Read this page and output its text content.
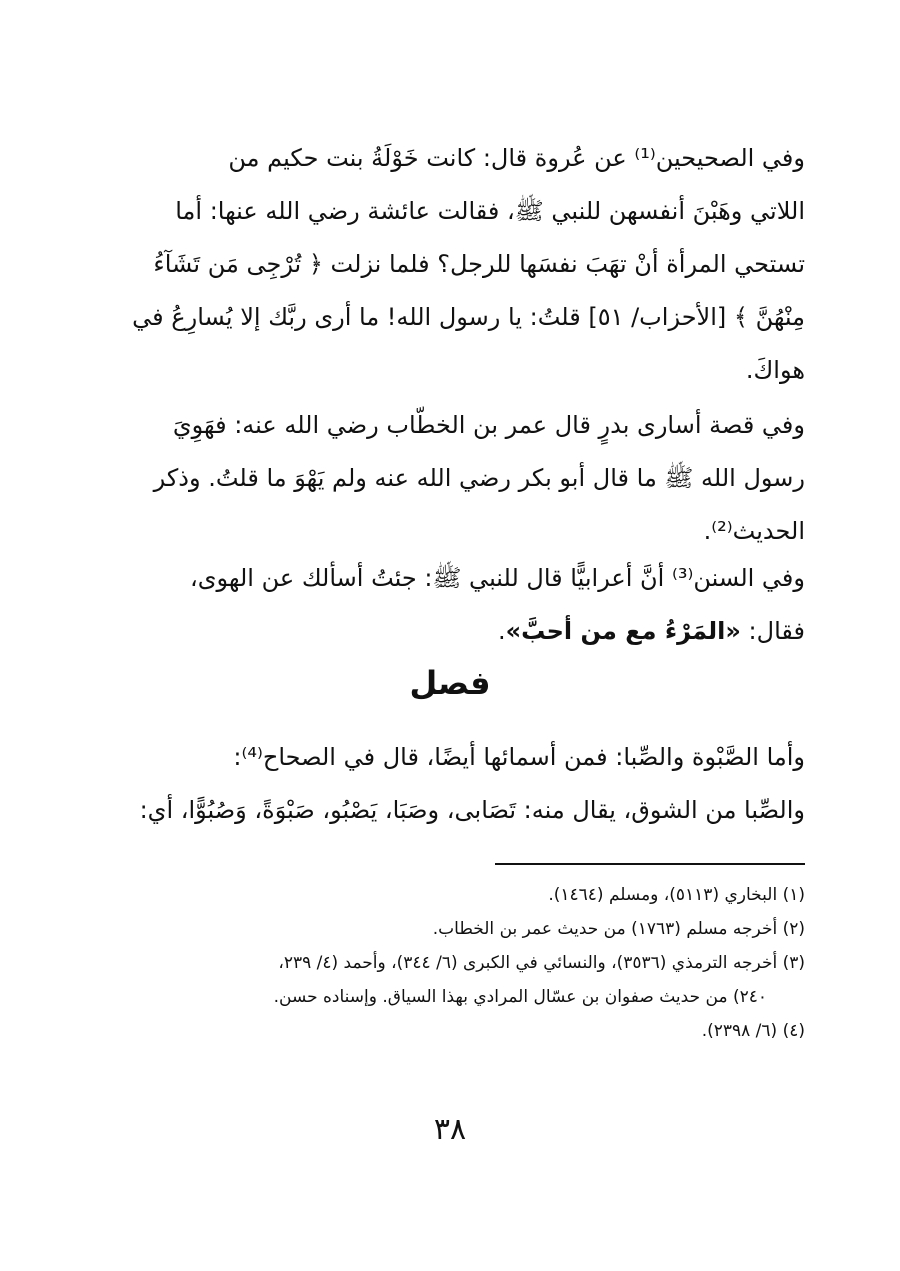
وفي الصحيحين⁽¹⁾ عن عُروة قال: كانت خَوْلَةُ بنت حكيم من
اللاتي وهَبْنَ أنفسهن للنبي ﷺ، فقالت عائشة رضي الله عنها: أما
تستحي المرأة أنْ تهَبَ نفسَها للرجل؟ فلما نزلت ﴿ تُرْجِى مَن تَشَآءُ
مِنْهُنَّ ﴾ [الأحزاب/ ٥١] قلتُ: يا رسول الله! ما أرى ربَّك إلا يُسارِعُ في
هواكَ.
وفي قصة أسارى بدرٍ قال عمر بن الخطّاب رضي الله عنه: فهَوِيَ
رسول الله ﷺ ما قال أبو بكر رضي الله عنه ولم يَهْوَ ما قلتُ. وذكر
الحديث⁽²⁾.
وفي السنن⁽³⁾ أنَّ أعرابيًّا قال للنبي ﷺ: جئتُ أسألك عن الهوى،
فقال: «المَرْءُ مع من أحبَّ».
فصل
وأما الصَّبْوة والصِّبا: فمن أسمائها أيضًا، قال في الصحاح⁽⁴⁾:
والصِّبا من الشوق، يقال منه: تَصَابى، وصَبَا، يَصْبُو، صَبْوَةً، وَصُبُوًّا، أي:
(١) البخاري (٥١١٣)، ومسلم (١٤٦٤).
(٢) أخرجه مسلم (١٧٦٣) من حديث عمر بن الخطاب.
(٣) أخرجه الترمذي (٣٥٣٦)، والنسائي في الكبرى (٦/ ٣٤٤)، وأحمد (٤/ ٢٣٩،
٢٤٠) من حديث صفوان بن عسّال المرادي بهذا السياق. وإسناده حسن.
(٤) (٦/ ٢٣٩٨).
٣٨
